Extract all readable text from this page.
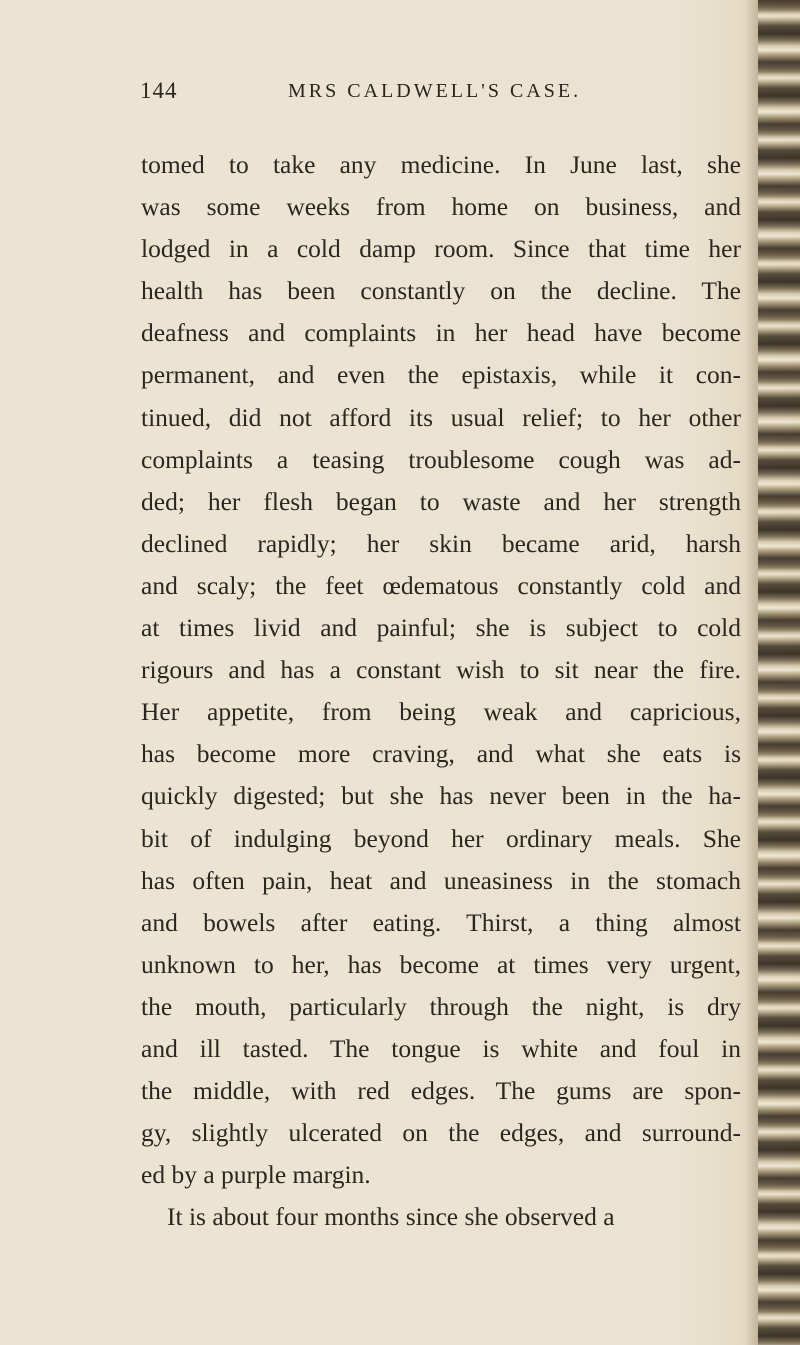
144	MRS CALDWELL'S CASE.
tomed to take any medicine. In June last, she
was some weeks from home on business, and
lodged in a cold damp room. Since that time her
health has been constantly on the decline. The
deafness and complaints in her head have become
permanent, and even the epistaxis, while it con-
tinued, did not afford its usual relief; to her other
complaints a teasing troublesome cough was ad-
ded; her flesh began to waste and her strength
declined rapidly; her skin became arid, harsh
and scaly; the feet œdematous constantly cold and
at times livid and painful; she is subject to cold
rigours and has a constant wish to sit near the fire.
Her appetite, from being weak and capricious,
has become more craving, and what she eats is
quickly digested; but she has never been in the ha-
bit of indulging beyond her ordinary meals. She
has often pain, heat and uneasiness in the stomach
and bowels after eating. Thirst, a thing almost
unknown to her, has become at times very urgent,
the mouth, particularly through the night, is dry
and ill tasted. The tongue is white and foul in
the middle, with red edges. The gums are spon-
gy, slightly ulcerated on the edges, and surround-
ed by a purple margin.
It is about four months since she observed a
